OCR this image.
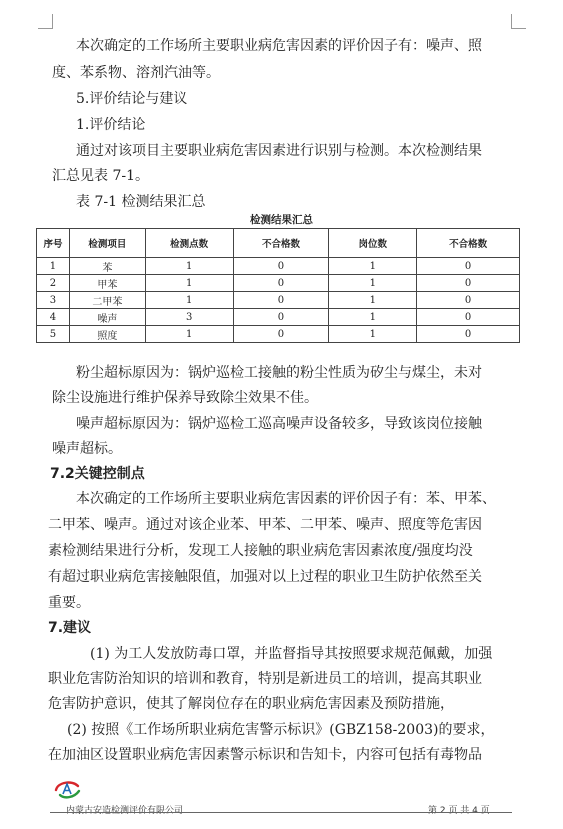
本次确定的工作场所主要职业病危害因素的评价因子有：噪声、照
度、苯系物、溶剂汽油等。
5.评价结论与建议
1.评价结论
通过对该项目主要职业病危害因素进行识别与检测。本次检测结果
汇总见表 7-1。
表 7-1 检测结果汇总
检测结果汇总
序号	检测项目	检测点数	不合格数	岗位数	不合格数
1	苯	1	0	1	0
2	甲苯	1	0	1	0
3	二甲苯	1	0	1	0
4	噪声	3	0	1	0
5	照度	1	0	1	0
粉尘超标原因为：锅炉巡检工接触的粉尘性质为矽尘与煤尘，未对
除尘设施进行维护保养导致除尘效果不佳。
噪声超标原因为：锅炉巡检工巡高噪声设备较多，导致该岗位接触
噪声超标。
7.2关键控制点
本次确定的工作场所主要职业病危害因素的评价因子有：苯、甲苯、
二甲苯、噪声。通过对该企业苯、甲苯、二甲苯、噪声、照度等危害因
素检测结果进行分析，发现工人接触的职业病危害因素浓度/强度均没
有超过职业病危害接触限值，加强对以上过程的职业卫生防护依然至关
重要。
7.建议
(1) 为工人发放防毒口罩，并监督指导其按照要求规范佩戴，加强
职业危害防治知识的培训和教育，特别是新进员工的培训，提高其职业
危害防护意识，使其了解岗位存在的职业病危害因素及预防措施，
(2) 按照《工作场所职业病危害警示标识》(GBZ158-2003)的要求，
在加油区设置职业病危害因素警示标识和告知卡，内容可包括有毒物品
内蒙古安造检测评价有限公司	第 2 页 共 4 页
